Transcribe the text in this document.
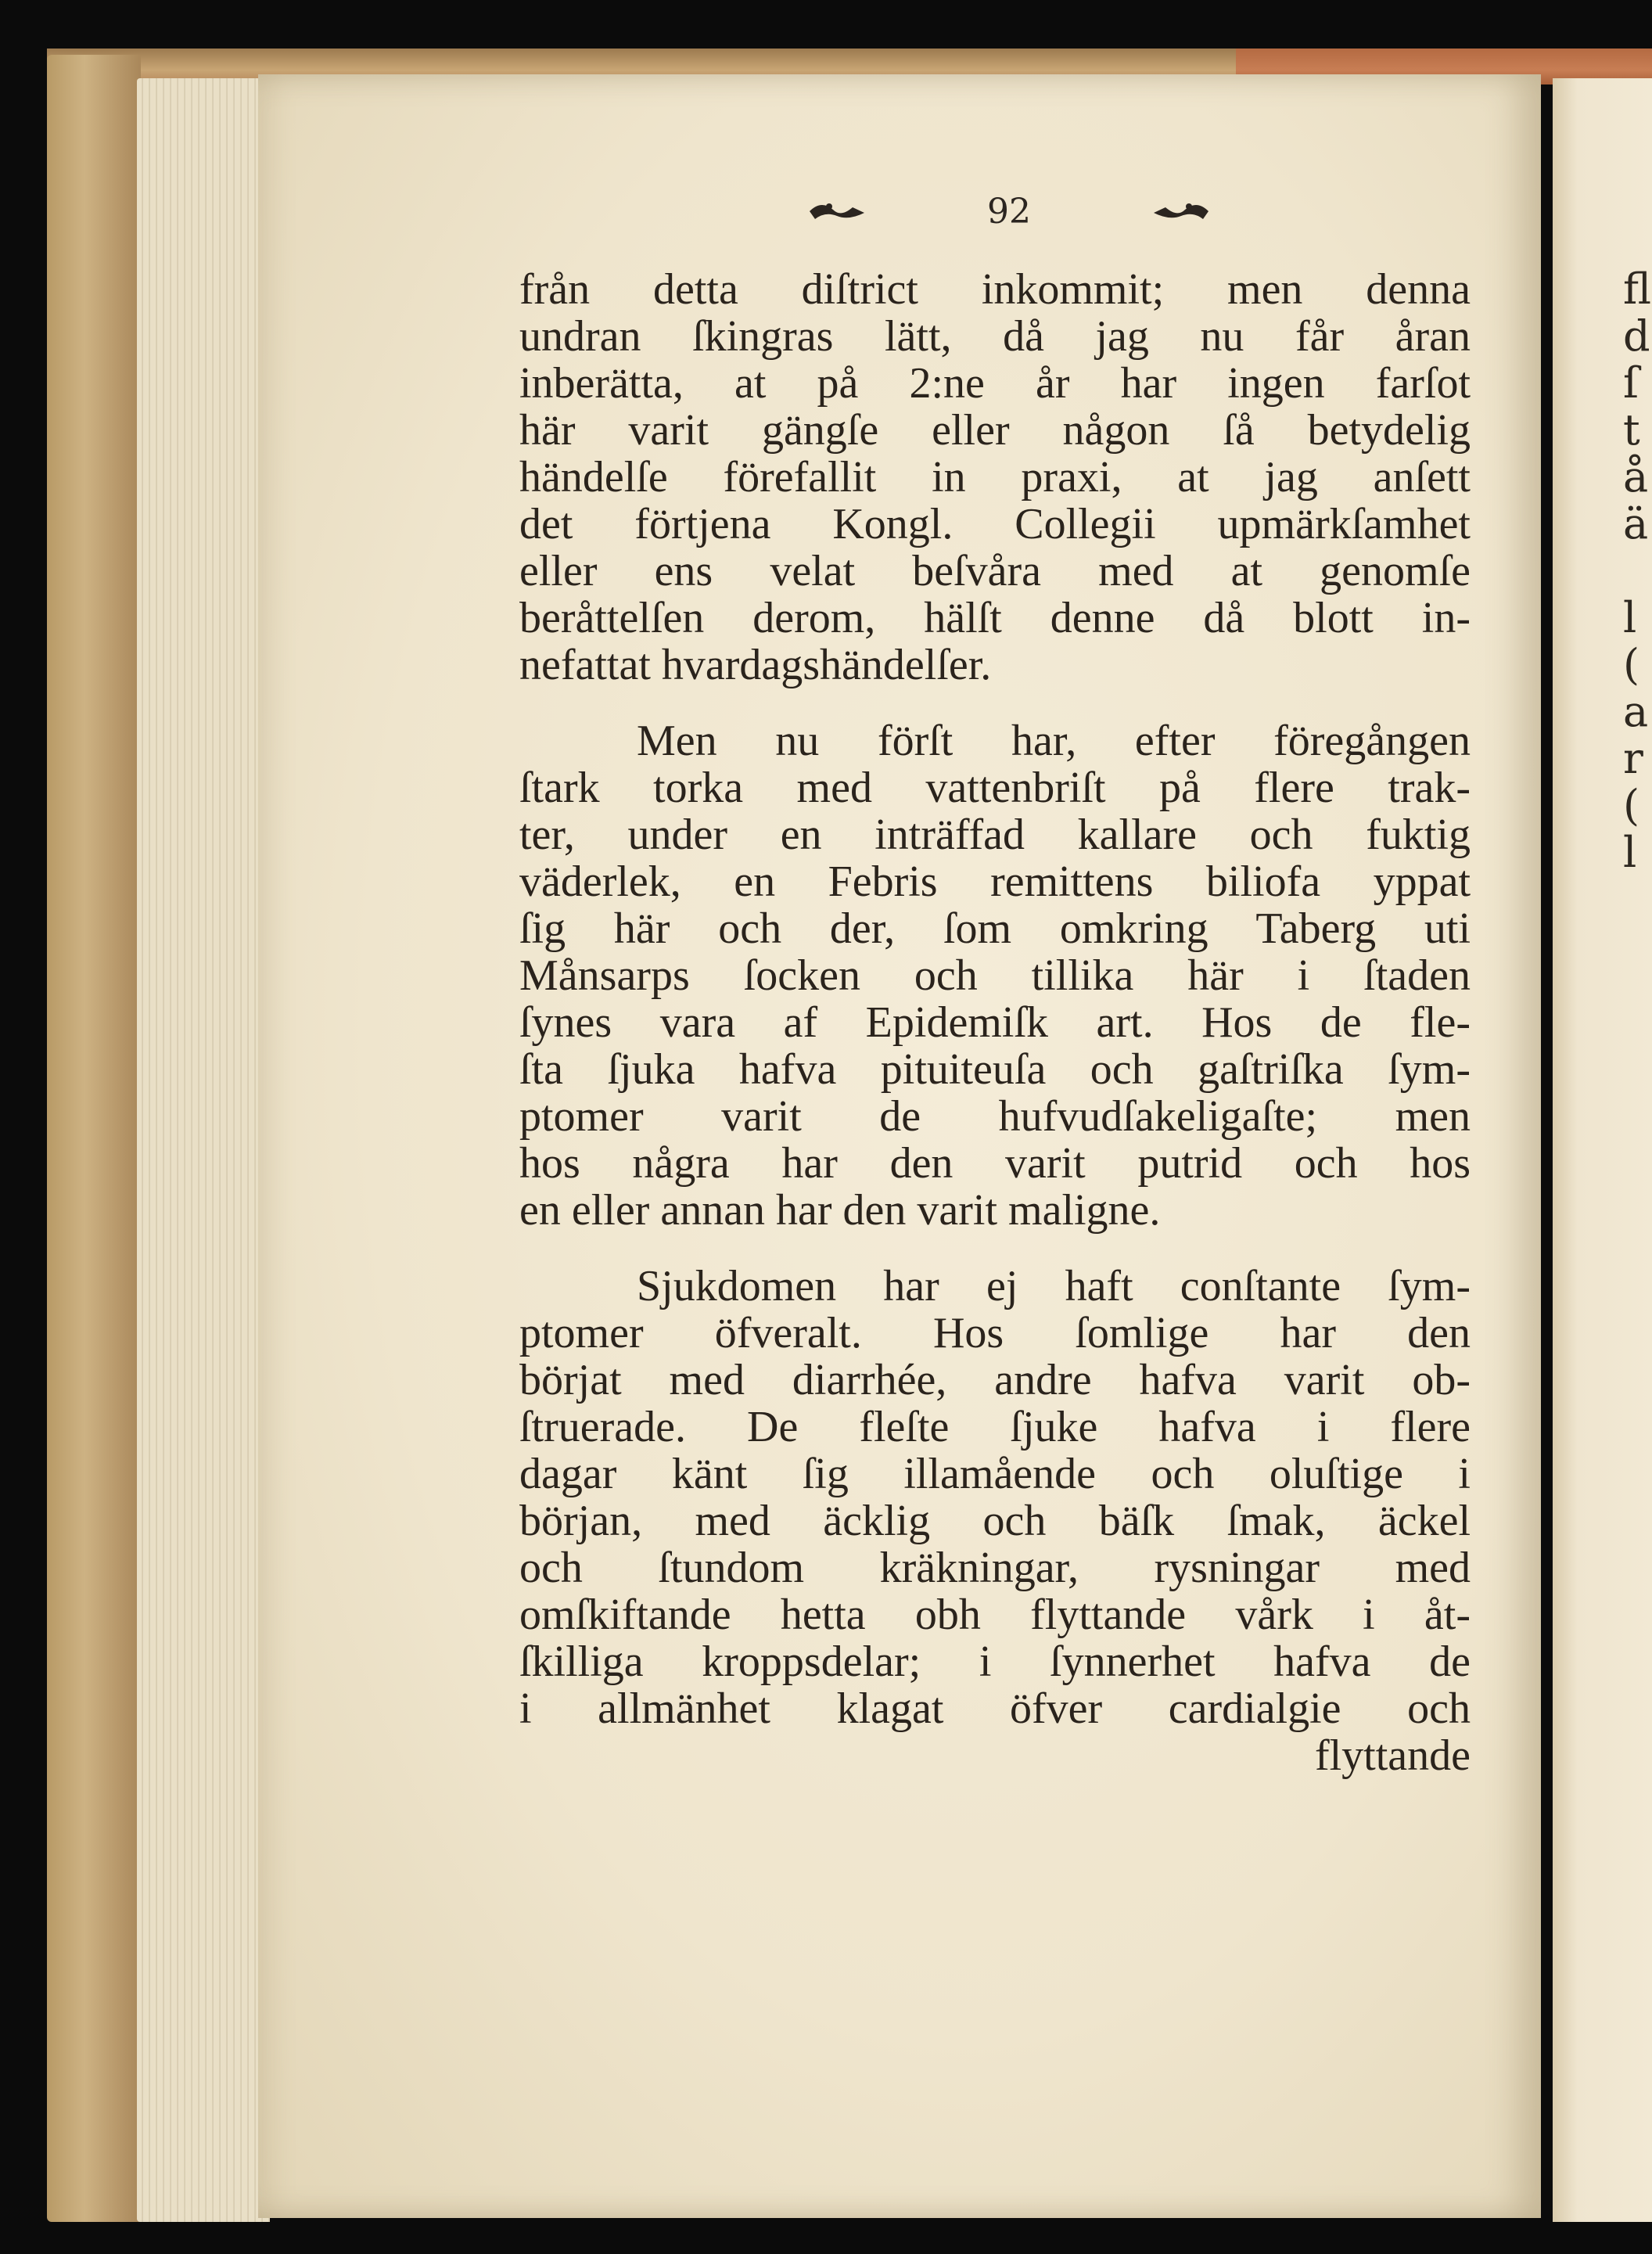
fl
d
ſ
t
å
ä
l
(
a
r
(
l
92
från detta diſtrict inkommit; men denna
undran ſkingras lätt, då jag nu får åran
inberätta, at på 2:ne år har ingen farſot
här varit gängſe eller någon ſå betydelig
händelſe förefallit in praxi, at jag anſett
det förtjena Kongl. Collegii upmärkſamhet
eller ens velat beſvåra med at genomſe
beråttelſen derom, hälſt denne då blott in-
nefattat hvardagshändelſer.
Men nu förſt har, efter föregången
ſtark torka med vattenbriſt på flere trak-
ter, under en inträffad kallare och fuktig
väderlek, en Febris remittens biliofa yppat
ſig här och der, ſom omkring Taberg uti
Månsarps ſocken och tillika här i ſtaden
ſynes vara af Epidemiſk art. Hos de fle-
ſta ſjuka hafva pituiteuſa och gaſtriſka ſym-
ptomer varit de hufvudſakeligaſte; men
hos några har den varit putrid och hos
en eller annan har den varit maligne.
Sjukdomen har ej haft conſtante ſym-
ptomer öfveralt. Hos ſomlige har den
börjat med diarrhée, andre hafva varit ob-
ſtruerade. De fleſte ſjuke hafva i flere
dagar känt ſig illamående och oluſtige i
början, med äcklig och bäſk ſmak, äckel
och ſtundom kräkningar, rysningar med
omſkiftande hetta obh flyttande vårk i åt-
ſkilliga kroppsdelar; i ſynnerhet hafva de
i allmänhet klagat öfver cardialgie och
flyttande
